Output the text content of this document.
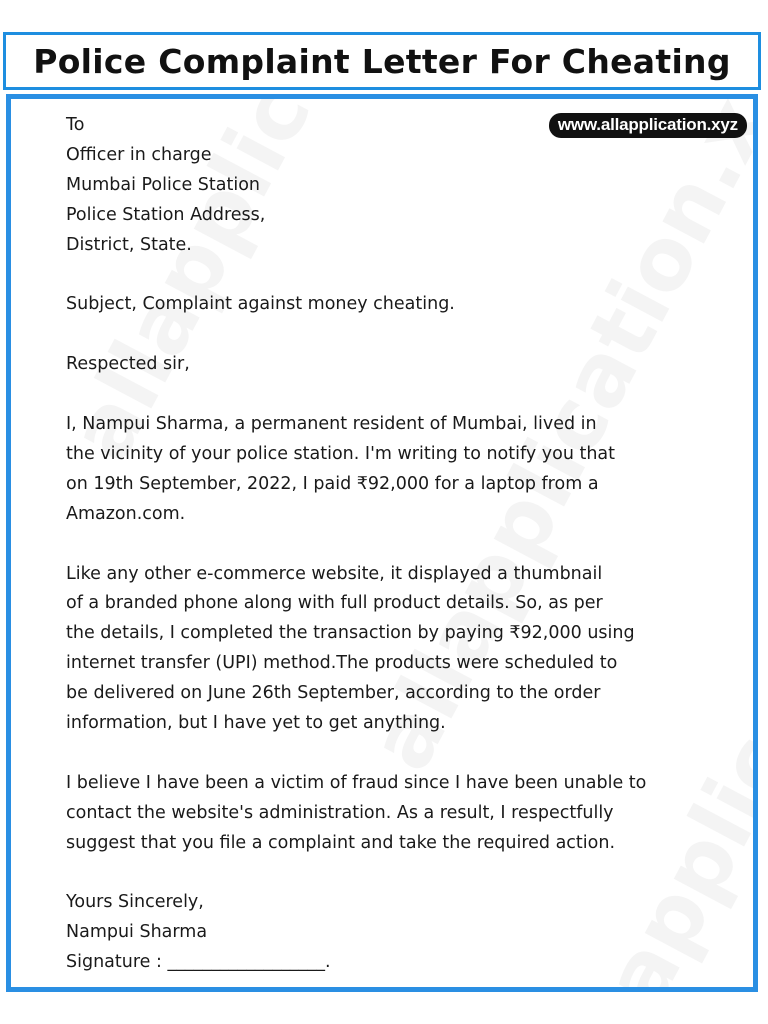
Police Complaint Letter For Cheating
www.allapplication.xyz
To
Officer in charge
Mumbai Police Station
Police Station Address,
District, State.
Subject, Complaint against money cheating.
Respected sir,
I, Nampui Sharma, a permanent resident of Mumbai, lived in
the vicinity of your police station. I'm writing to notify you that
on 19th September, 2022, I paid ₹92,000 for a laptop from a
Amazon.com.
Like any other e-commerce website, it displayed a thumbnail
of a branded phone along with full product details. So, as per
the details, I completed the transaction by paying ₹92,000 using
internet transfer (UPI) method.The products were scheduled to
be delivered on June 26th September, according to the order
information, but I have yet to get anything.
I believe I have been a victim of fraud since I have been unable to
contact the website's administration. As a result, I respectfully
suggest that you file a complaint and take the required action.
Yours Sincerely,
Nampui Sharma
Signature : __________________.
